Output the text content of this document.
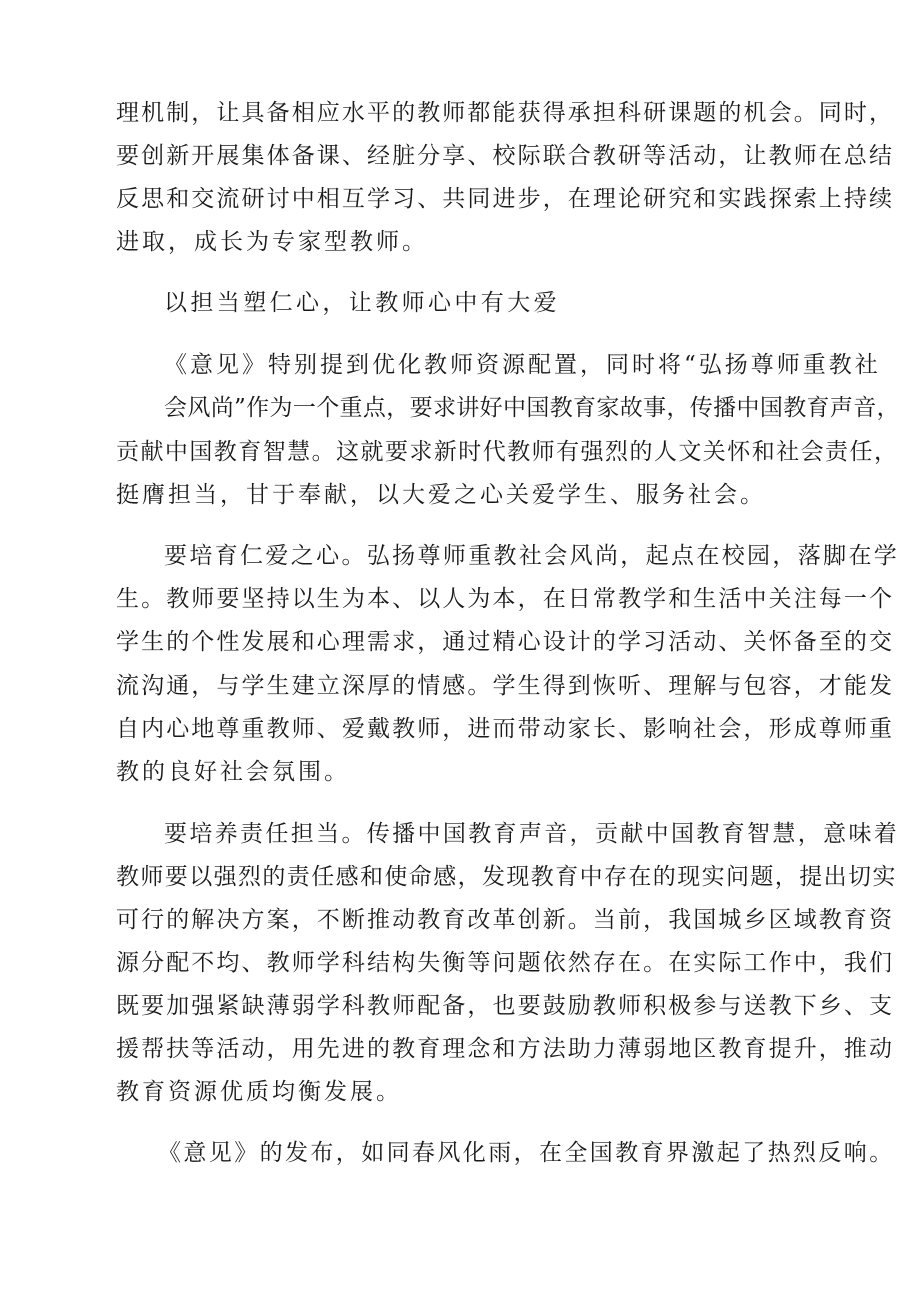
理机制，让具备相应水平的教师都能获得承担科研课题的机会。同时，
要创新开展集体备课、经脏分享、校际联合教研等活动，让教师在总结
反思和交流研讨中相互学习、共同进步，在理论研究和实践探索上持续
进取，成长为专家型教师。
以担当塑仁心，让教师心中有大爱
《意见》特别提到优化教师资源配置，同时将“弘扬尊师重教社
会风尚”作为一个重点，要求讲好中国教育家故事，传播中国教育声音，
贡献中国教育智慧。这就要求新时代教师有强烈的人文关怀和社会责任，
挺膺担当，甘于奉献，以大爱之心关爱学生、服务社会。
要培育仁爱之心。弘扬尊师重教社会风尚，起点在校园，落脚在学
生。教师要坚持以生为本、以人为本，在日常教学和生活中关注每一个
学生的个性发展和心理需求，通过精心设计的学习活动、关怀备至的交
流沟通，与学生建立深厚的情感。学生得到恢听、理解与包容，才能发
自内心地尊重教师、爱戴教师，进而带动家长、影响社会，形成尊师重
教的良好社会氛围。
要培养责任担当。传播中国教育声音，贡献中国教育智慧，意味着
教师要以强烈的责任感和使命感，发现教育中存在的现实问题，提出切实
可行的解决方案，不断推动教育改革创新。当前，我国城乡区域教育资
源分配不均、教师学科结构失衡等问题依然存在。在实际工作中，我们
既要加强紧缺薄弱学科教师配备，也要鼓励教师积极参与送教下乡、支
援帮扶等活动，用先进的教育理念和方法助力薄弱地区教育提升，推动
教育资源优质均衡发展。
《意见》的发布，如同春风化雨，在全国教育界激起了热烈反响。
